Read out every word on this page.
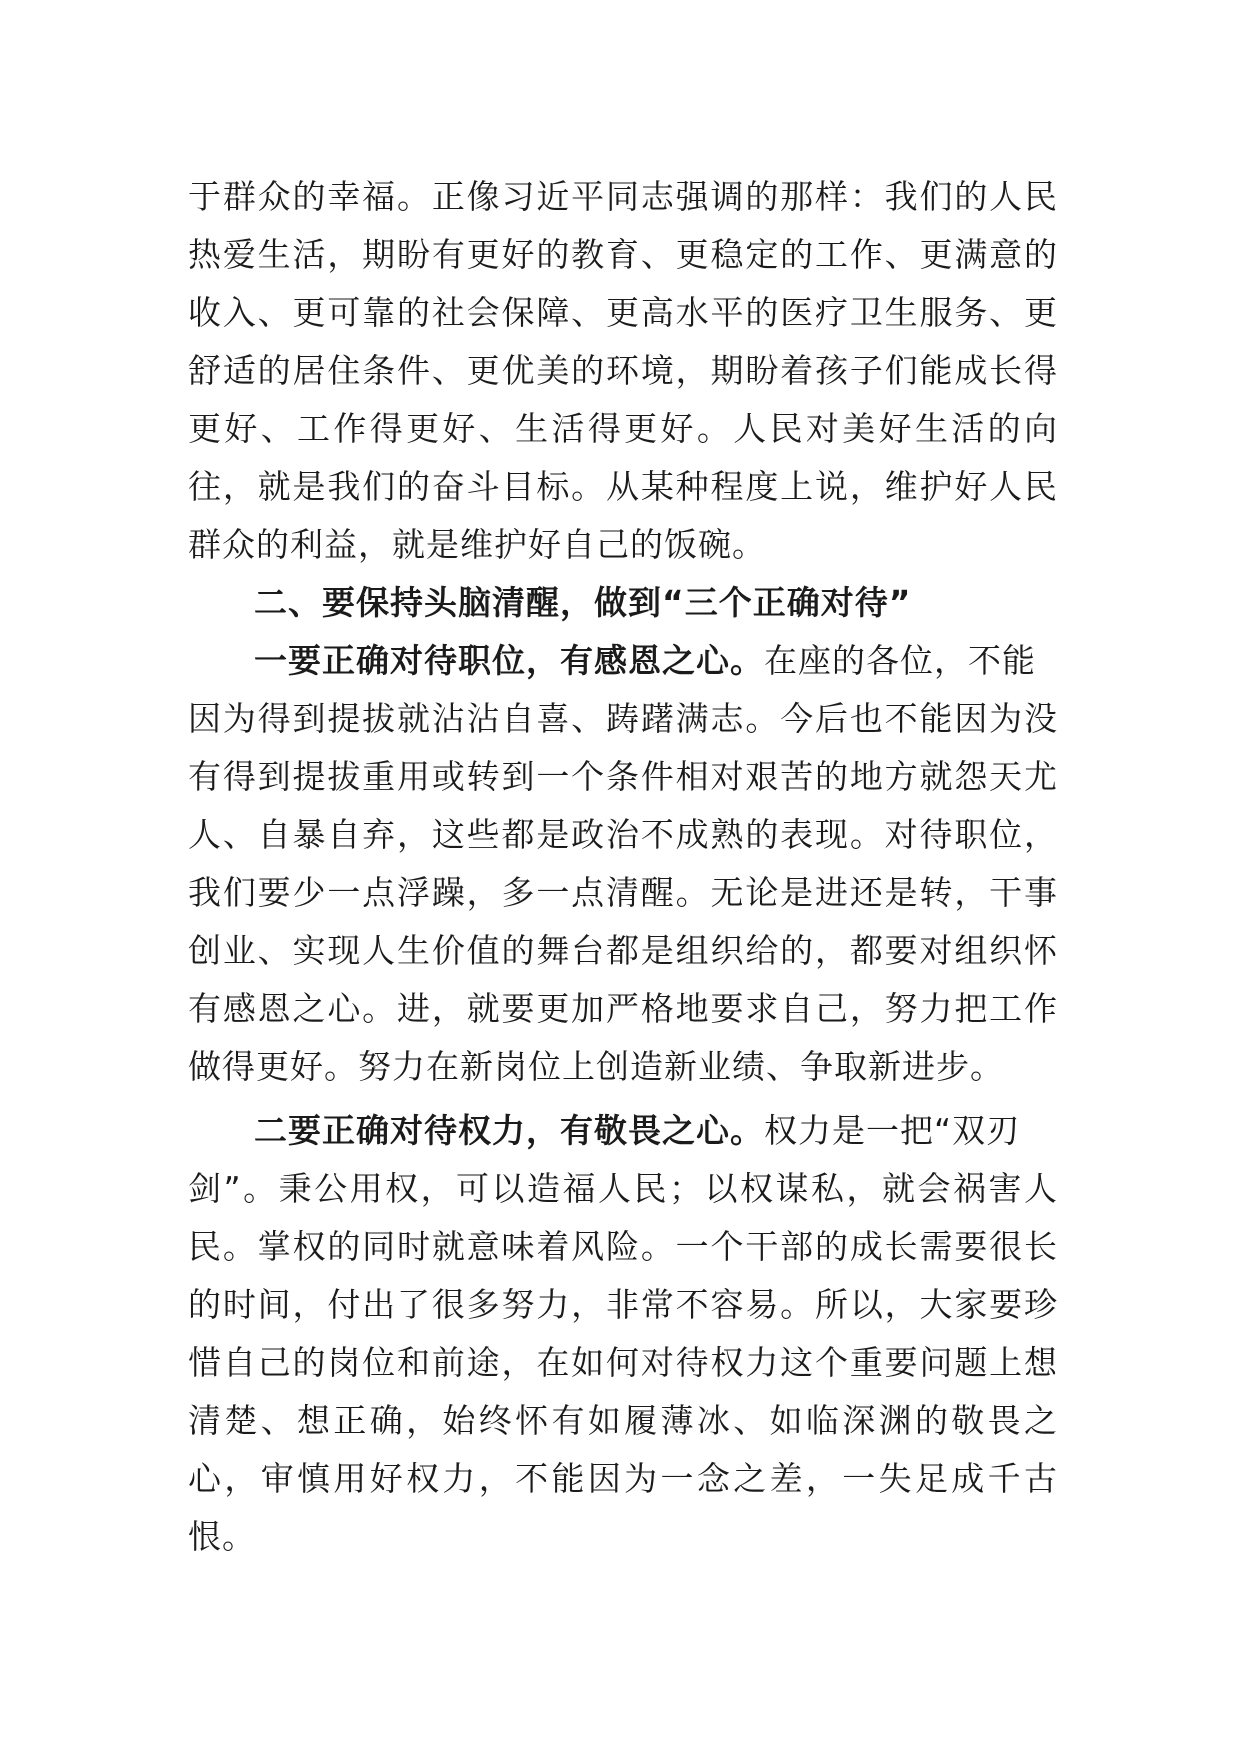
于群众的幸福。正像习近平同志强调的那样：我们的人民
热爱生活，期盼有更好的教育、更稳定的工作、更满意的
收入、更可靠的社会保障、更高水平的医疗卫生服务、更
舒适的居住条件、更优美的环境，期盼着孩子们能成长得
更好、工作得更好、生活得更好。人民对美好生活的向
往，就是我们的奋斗目标。从某种程度上说，维护好人民
群众的利益，就是维护好自己的饭碗。
二、要保持头脑清醒，做到“三个正确对待”
一要正确对待职位，有感恩之心。在座的各位，不能
因为得到提拔就沾沾自喜、踌躇满志。今后也不能因为没
有得到提拔重用或转到一个条件相对艰苦的地方就怨天尤
人、自暴自弃，这些都是政治不成熟的表现。对待职位，
我们要少一点浮躁，多一点清醒。无论是进还是转，干事
创业、实现人生价值的舞台都是组织给的，都要对组织怀
有感恩之心。进，就要更加严格地要求自己，努力把工作
做得更好。努力在新岗位上创造新业绩、争取新进步。
二要正确对待权力，有敬畏之心。权力是一把“双刃
剑”。秉公用权，可以造福人民；以权谋私，就会祸害人
民。掌权的同时就意味着风险。一个干部的成长需要很长
的时间，付出了很多努力，非常不容易。所以，大家要珍
惜自己的岗位和前途，在如何对待权力这个重要问题上想
清楚、想正确，始终怀有如履薄冰、如临深渊的敬畏之
心，审慎用好权力，不能因为一念之差，一失足成千古
恨。
